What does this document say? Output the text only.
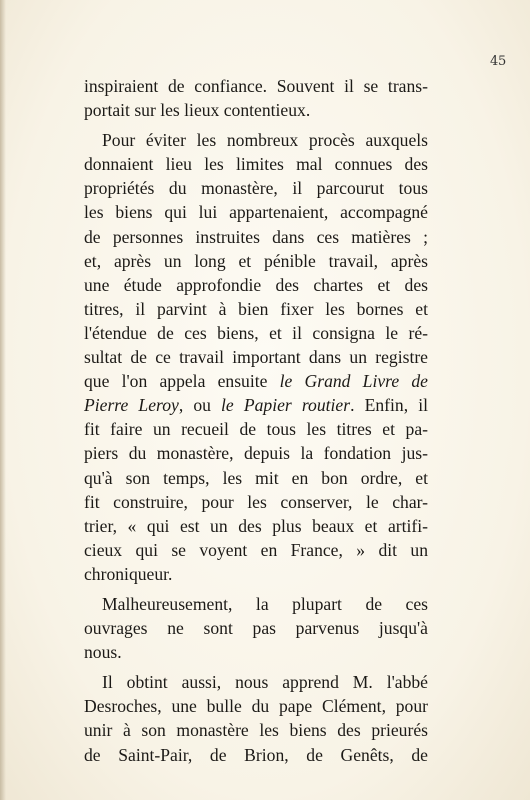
45
inspiraient de confiance. Souvent il se trans-
portait sur les lieux contentieux.
Pour éviter les nombreux procès auxquels
donnaient lieu les limites mal connues des
propriétés du monastère, il parcourut tous
les biens qui lui appartenaient, accompagné
de personnes instruites dans ces matières ;
et, après un long et pénible travail, après
une étude approfondie des chartes et des
titres, il parvint à bien fixer les bornes et
l'étendue de ces biens, et il consigna le ré-
sultat de ce travail important dans un registre
que l'on appela ensuite le Grand Livre de
Pierre Leroy, ou le Papier routier. Enfin, il
fit faire un recueil de tous les titres et pa-
piers du monastère, depuis la fondation jus-
qu'à son temps, les mit en bon ordre, et
fit construire, pour les conserver, le char-
trier, « qui est un des plus beaux et artifi-
cieux qui se voyent en France, » dit un
chroniqueur.
Malheureusement, la plupart de ces
ouvrages ne sont pas parvenus jusqu'à
nous.
Il obtint aussi, nous apprend M. l'abbé
Desroches, une bulle du pape Clément, pour
unir à son monastère les biens des prieurés
de Saint-Pair, de Brion, de Genêts, de
